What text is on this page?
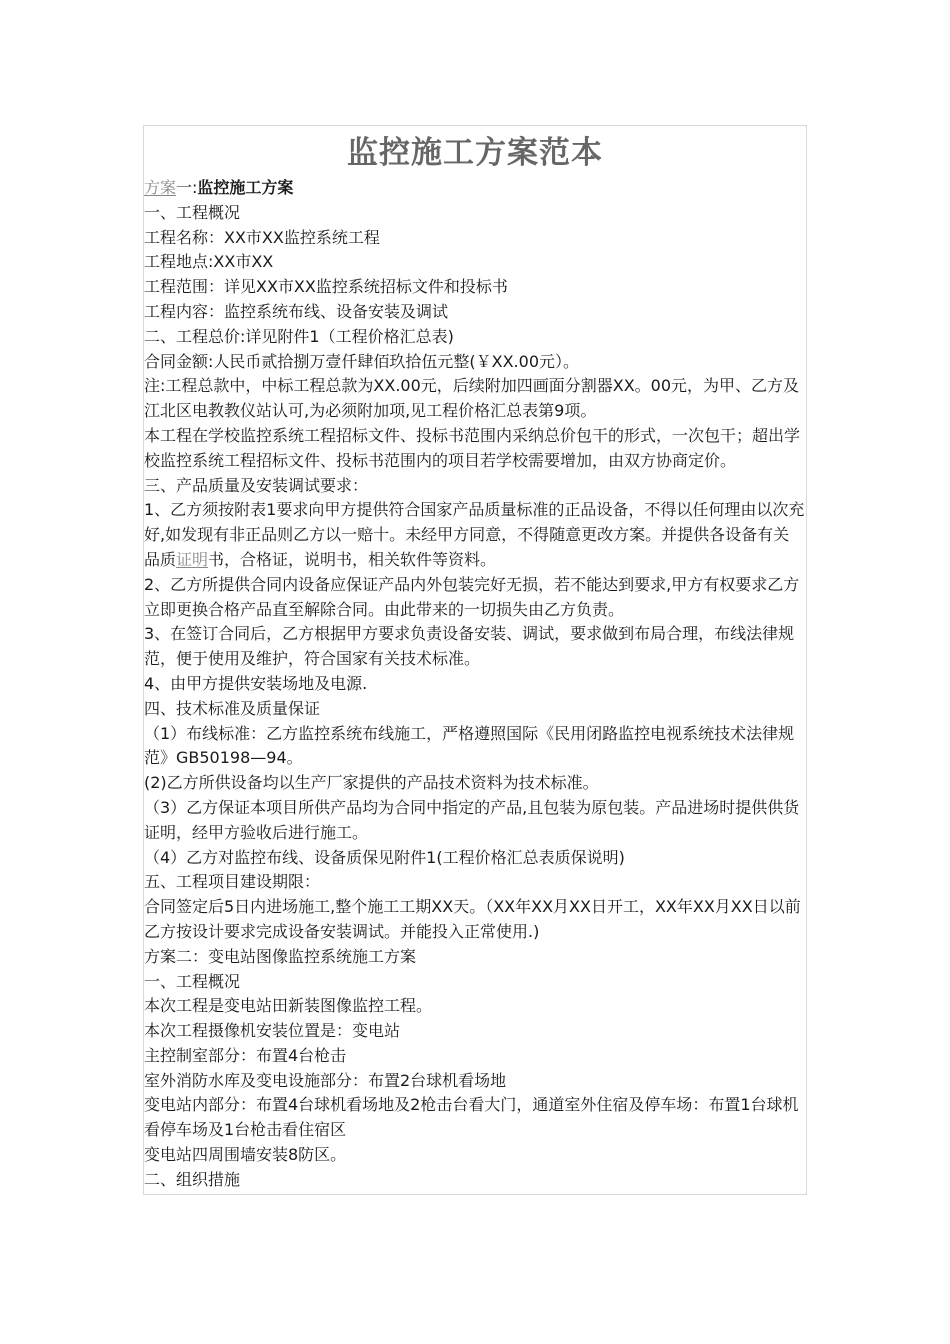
监控施工方案范本

方案一:监控施工方案

一、工程概况

工程名称：XX市XX监控系统工程

工程地点:XX市XX

工程范围：详见XX市XX监控系统招标文件和投标书

工程内容：监控系统布线、设备安装及调试

二、工程总价:详见附件1（工程价格汇总表)

合同金额:人民币贰拾捌万壹仟肆佰玖拾伍元整(￥XX.00元）。

注:工程总款中，中标工程总款为XX.00元，后续附加四画面分割器XX。00元，为甲、乙方及江北区电教教仪站认可,为必须附加项,见工程价格汇总表第9项。

本工程在学校监控系统工程招标文件、投标书范围内采纳总价包干的形式，一次包干；超出学校监控系统工程招标文件、投标书范围内的项目若学校需要增加，由双方协商定价。

三、产品质量及安装调试要求：

1、乙方须按附表1要求向甲方提供符合国家产品质量标准的正品设备，不得以任何理由以次充好,如发现有非正品则乙方以一赔十。未经甲方同意，不得随意更改方案。并提供各设备有关品质证明书，合格证，说明书，相关软件等资料。

2、乙方所提供合同内设备应保证产品内外包装完好无损，若不能达到要求,甲方有权要求乙方立即更换合格产品直至解除合同。由此带来的一切损失由乙方负责。

3、在签订合同后，乙方根据甲方要求负责设备安装、调试，要求做到布局合理，布线法律规范，便于使用及维护，符合国家有关技术标准。

4、由甲方提供安装场地及电源.

四、技术标准及质量保证

（1）布线标准：乙方监控系统布线施工，严格遵照国际《民用闭路监控电视系统技术法律规范》GB50198—94。

(2)乙方所供设备均以生产厂家提供的产品技术资料为技术标准。

（3）乙方保证本项目所供产品均为合同中指定的产品,且包装为原包装。产品进场时提供供货证明，经甲方验收后进行施工。

（4）乙方对监控布线、设备质保见附件1(工程价格汇总表质保说明)

五、工程项目建设期限：

合同签定后5日内进场施工,整个施工工期XX天。（XX年XX月XX日开工，XX年XX月XX日以前乙方按设计要求完成设备安装调试。并能投入正常使用.)

方案二：变电站图像监控系统施工方案

一、工程概况

本次工程是变电站田新装图像监控工程。

本次工程摄像机安装位置是：变电站

主控制室部分：布置4台枪击

室外消防水库及变电设施部分：布置2台球机看场地

变电站内部分：布置4台球机看场地及2枪击台看大门，通道室外住宿及停车场：布置1台球机看停车场及1台枪击看住宿区

变电站四周围墙安装8防区。

二、组织措施
